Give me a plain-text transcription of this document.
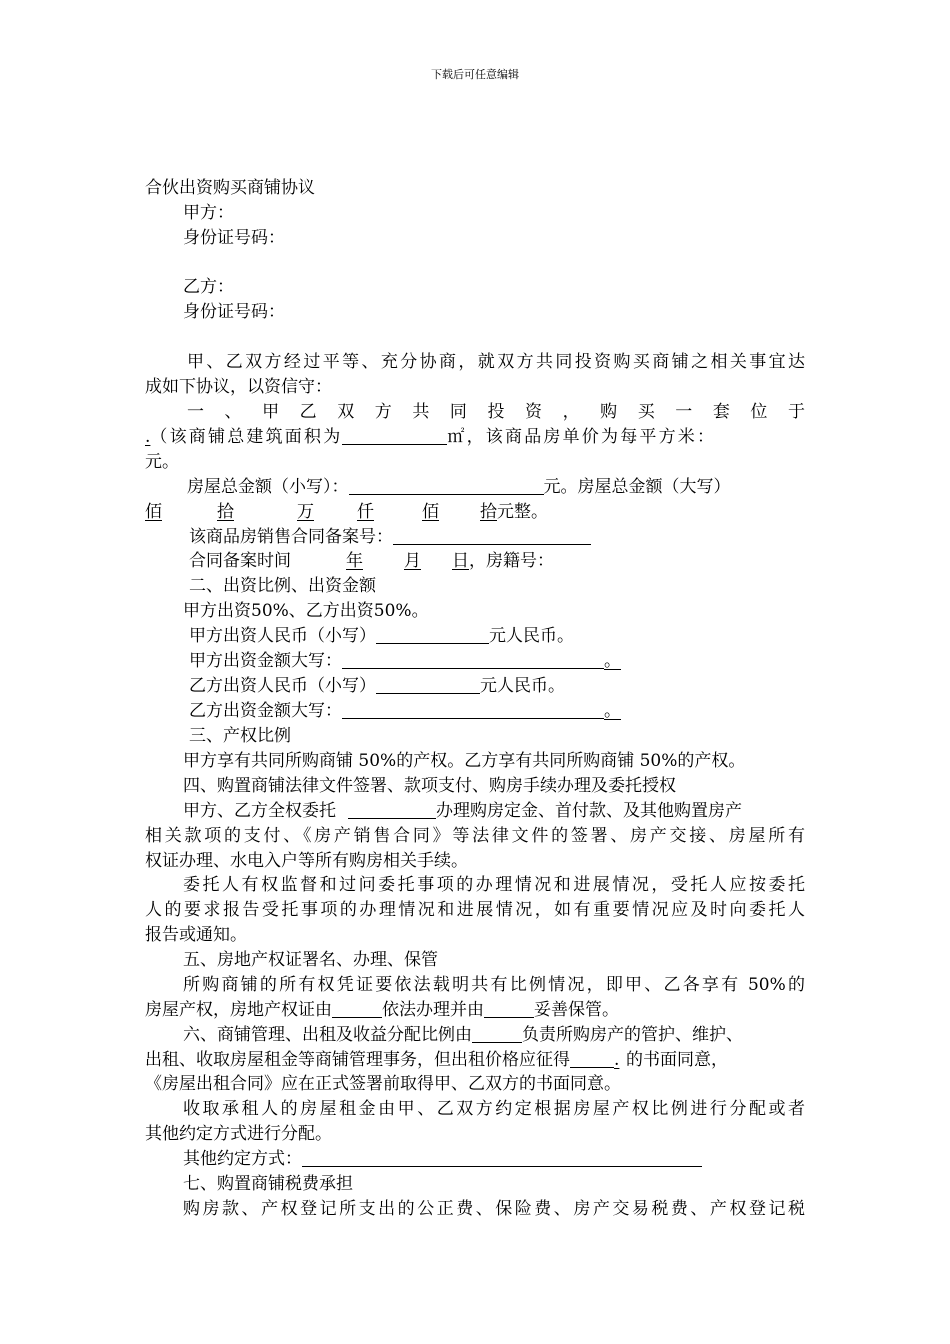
下载后可任意编辑
合伙出资购买商铺协议
甲方：
身份证号码：
乙方：
身份证号码：
甲、乙双方经过平等、充分协商，就双方共同投资购买商铺之相关事宜达
成如下协议，以资信守：
一、甲乙双方共同投资，购买一套位于
.（该商铺总建筑面积为	㎡，该商品房单价为每平方米：
元。
房屋总金额（小写）：	元。房屋总金额（大写）
佰	拾	万	仟	佰 拾元整。
该商品房销售合同备案号：
合同备案时间	年 月 日，房籍号：
二、出资比例、出资金额
甲方出资50%、乙方出资50%。
甲方出资人民币（小写）	元人民币。
甲方出资金额大写：	。
乙方出资人民币（小写）	元人民币。
乙方出资金额大写：	。
三、产权比例
甲方享有共同所购商铺 50%的产权。乙方享有共同所购商铺 50%的产权。
四、购置商铺法律文件签署、款项支付、购房手续办理及委托授权
甲方、乙方全权委托	办理购房定金、首付款、及其他购置房产
相关款项的支付、《房产销售合同》等法律文件的签署、房产交接、房屋所有
权证办理、水电入户等所有购房相关手续。
委托人有权监督和过问委托事项的办理情况和进展情况，受托人应按委托
人的要求报告受托事项的办理情况和进展情况，如有重要情况应及时向委托人
报告或通知。
五、房地产权证署名、办理、保管
所购商铺的所有权凭证要依法载明共有比例情况，即甲、乙各享有 50%的
房屋产权，房地产权证由	依法办理并由	妥善保管。
六、商铺管理、出租及收益分配比例由	负责所购房产的管护、维护、
出租、收取房屋租金等商铺管理事务，但出租价格应征得	. 的书面同意，
《房屋出租合同》应在正式签署前取得甲、乙双方的书面同意。
收取承租人的房屋租金由甲、乙双方约定根据房屋产权比例进行分配或者
其他约定方式进行分配。
其他约定方式：
七、购置商铺税费承担
购房款、产权登记所支出的公正费、保险费、房产交易税费、产权登记税
